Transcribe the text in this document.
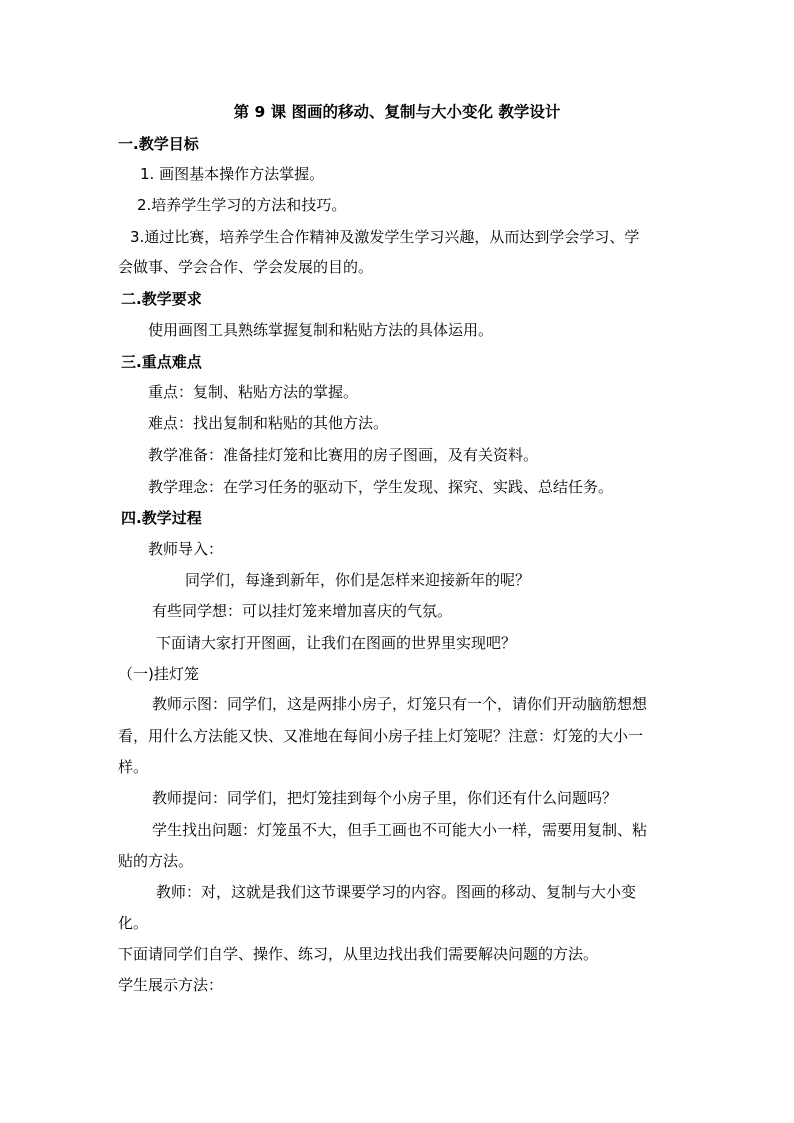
第 9 课 图画的移动、复制与大小变化 教学设计
一.教学目标
1. 画图基本操作方法掌握。
2.培养学生学习的方法和技巧。
3.通过比赛，培养学生合作精神及激发学生学习兴趣，从而达到学会学习、学
会做事、学会合作、学会发展的目的。
二.教学要求
使用画图工具熟练掌握复制和粘贴方法的具体运用。
三.重点难点
重点：复制、粘贴方法的掌握。
难点：找出复制和粘贴的其他方法。
教学准备：准备挂灯笼和比赛用的房子图画，及有关资料。
教学理念：在学习任务的驱动下，学生发现、探究、实践、总结任务。
四.教学过程
教师导入：
同学们，每逢到新年，你们是怎样来迎接新年的呢？
有些同学想：可以挂灯笼来增加喜庆的气氛。
下面请大家打开图画，让我们在图画的世界里实现吧？
（一)挂灯笼
教师示图：同学们，这是两排小房子，灯笼只有一个，请你们开动脑筋想想
看，用什么方法能又快、又准地在每间小房子挂上灯笼呢？注意：灯笼的大小一
样。
教师提问：同学们，把灯笼挂到每个小房子里，你们还有什么问题吗？
学生找出问题：灯笼虽不大，但手工画也不可能大小一样，需要用复制、粘
贴的方法。
教师：对，这就是我们这节课要学习的内容。图画的移动、复制与大小变
化。
下面请同学们自学、操作、练习，从里边找出我们需要解决问题的方法。
学生展示方法：
